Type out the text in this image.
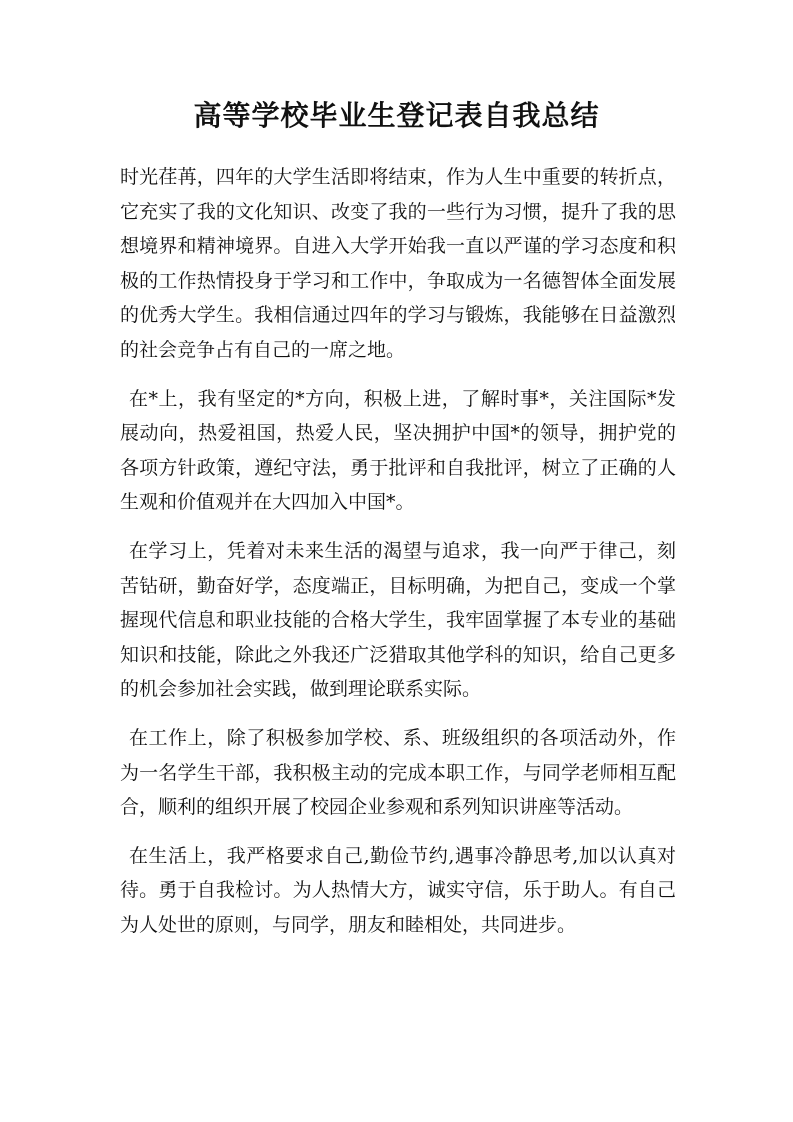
高等学校毕业生登记表自我总结

时光荏苒，四年的大学生活即将结束，作为人生中重要的转折点，它充实了我的文化知识、改变了我的一些行为习惯，提升了我的思想境界和精神境界。自进入大学开始我一直以严谨的学习态度和积极的工作热情投身于学习和工作中，争取成为一名德智体全面发展的优秀大学生。我相信通过四年的学习与锻炼，我能够在日益激烈的社会竞争占有自己的一席之地。

在*上，我有坚定的*方向，积极上进，了解时事*，关注国际*发展动向，热爱祖国，热爱人民，坚决拥护中国*的领导，拥护党的各项方针政策，遵纪守法，勇于批评和自我批评，树立了正确的人生观和价值观并在大四加入中国*。

在学习上，凭着对未来生活的渴望与追求，我一向严于律己，刻苦钻研，勤奋好学，态度端正，目标明确，为把自己，变成一个掌握现代信息和职业技能的合格大学生，我牢固掌握了本专业的基础知识和技能，除此之外我还广泛猎取其他学科的知识，给自己更多的机会参加社会实践，做到理论联系实际。

在工作上，除了积极参加学校、系、班级组织的各项活动外，作为一名学生干部，我积极主动的完成本职工作，与同学老师相互配合，顺利的组织开展了校园企业参观和系列知识讲座等活动。

在生活上，我严格要求自己,勤俭节约,遇事冷静思考,加以认真对待。勇于自我检讨。为人热情大方，诚实守信，乐于助人。有自己为人处世的原则，与同学，朋友和睦相处，共同进步。
